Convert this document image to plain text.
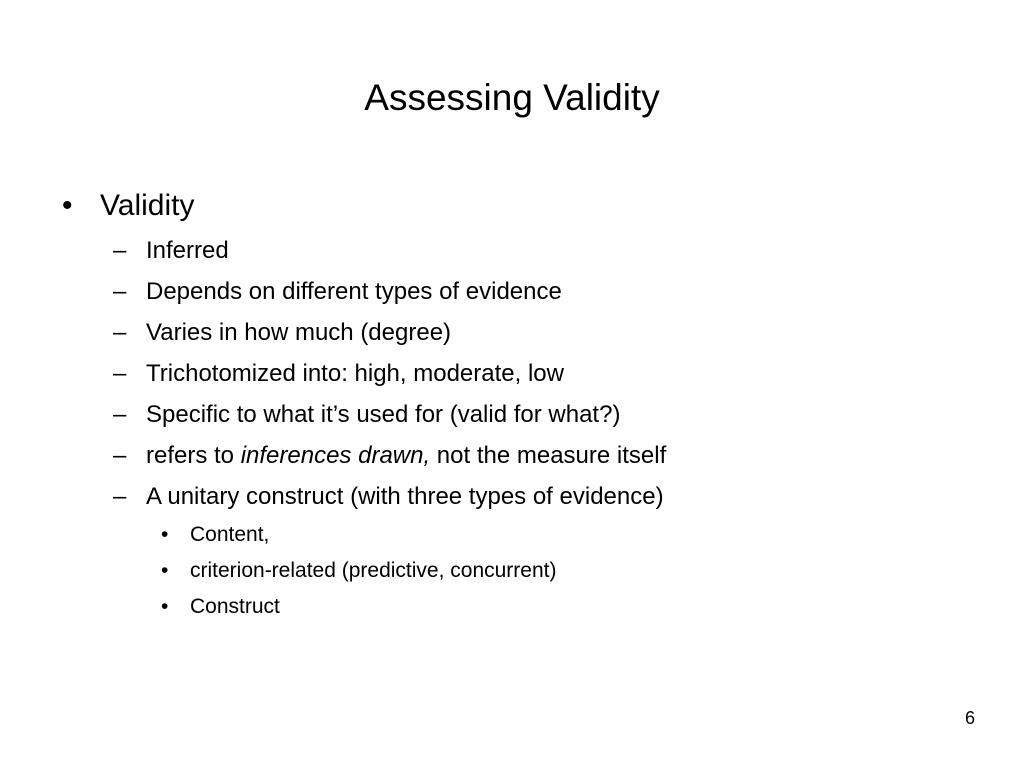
Assessing Validity
• Validity
– Inferred
– Depends on different types of evidence
– Varies in how much (degree)
– Trichotomized into: high, moderate, low
– Specific to what it’s used for (valid for what?)
– refers to inferences drawn, not the measure itself
– A unitary construct (with three types of evidence)
• Content,
• criterion-related (predictive, concurrent)
• Construct
6
